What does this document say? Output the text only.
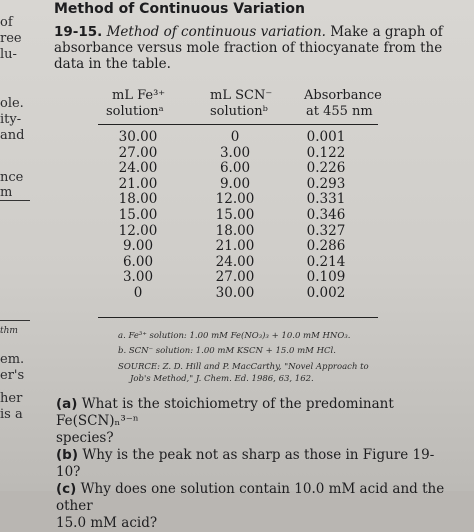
of
ree
lu-
ole.
ity-
and
nce
m
em.
er's
her
is a
thm
Method of Continuous Variation
19-15. Method of continuous variation. Make a graph of absorbance versus mole fraction of thiocyanate from the data in the table.
mL Fe³⁺
solutionᵃ
mL SCN⁻
solutionᵇ
Absorbance
at 455 nm
30.00	0	0.001
27.00	3.00	0.122
24.00	6.00	0.226
21.00	9.00	0.293
18.00	12.00	0.331
15.00	15.00	0.346
12.00	18.00	0.327
9.00	21.00	0.286
6.00	24.00	0.214
3.00	27.00	0.109
0	30.00	0.002
a. Fe³⁺ solution: 1.00 mM Fe(NO₃)₃ + 10.0 mM HNO₃.
b. SCN⁻ solution: 1.00 mM KSCN + 15.0 mM HCl.
SOURCE: Z. D. Hill and P. MacCarthy, "Novel Approach to
Job's Method," J. Chem. Ed. 1986, 63, 162.
(a) What is the stoichiometry of the predominant Fe(SCN)ₙ³⁻ⁿ
species?
(b) Why is the peak not as sharp as those in Figure 19-10?
(c) Why does one solution contain 10.0 mM acid and the other
15.0 mM acid?
